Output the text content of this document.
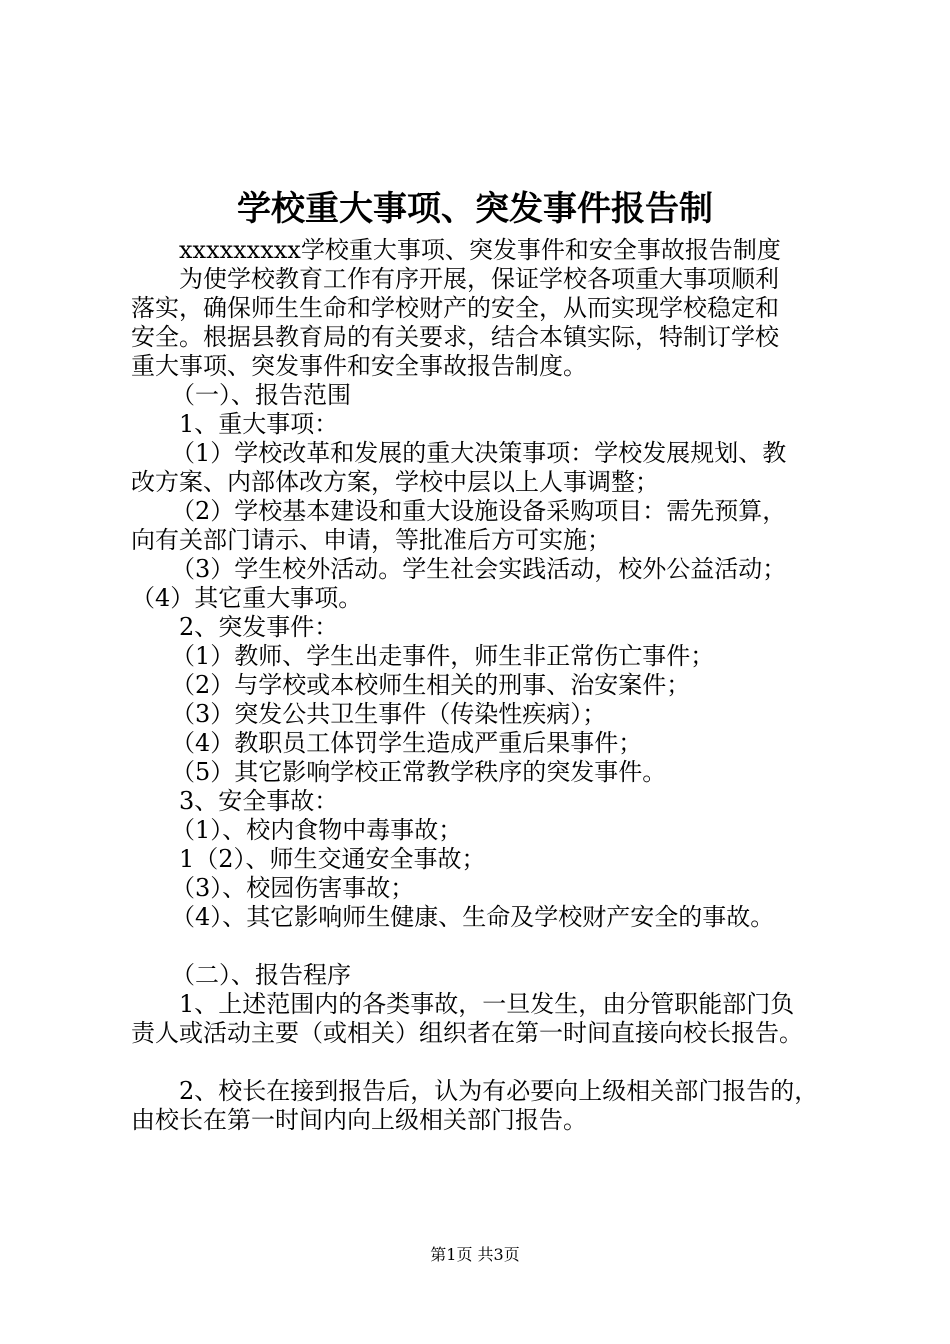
学校重大事项、突发事件报告制
xxxxxxxxx学校重大事项、突发事件和安全事故报告制度
为使学校教育工作有序开展，保证学校各项重大事项顺利
落实，确保师生生命和学校财产的安全，从而实现学校稳定和
安全。根据县教育局的有关要求，结合本镇实际，特制订学校
重大事项、突发事件和安全事故报告制度。
（一）、报告范围
1、重大事项：
（1）学校改革和发展的重大决策事项：学校发展规划、教
改方案、内部体改方案，学校中层以上人事调整；
（2）学校基本建设和重大设施设备采购项目：需先预算，
向有关部门请示、申请，等批准后方可实施；
（3）学生校外活动。学生社会实践活动，校外公益活动；
（4）其它重大事项。
2、突发事件：
（1）教师、学生出走事件，师生非正常伤亡事件；
（2）与学校或本校师生相关的刑事、治安案件；
（3）突发公共卫生事件（传染性疾病）；
（4）教职员工体罚学生造成严重后果事件；
（5）其它影响学校正常教学秩序的突发事件。
3、安全事故：
（1）、校内食物中毒事故；
1（2）、师生交通安全事故；
（3）、校园伤害事故；
（4）、其它影响师生健康、生命及学校财产安全的事故。
（二）、报告程序
1、上述范围内的各类事故，一旦发生，由分管职能部门负
责人或活动主要（或相关）组织者在第一时间直接向校长报告。
2、校长在接到报告后，认为有必要向上级相关部门报告的，
由校长在第一时间内向上级相关部门报告。
第1页 共3页
